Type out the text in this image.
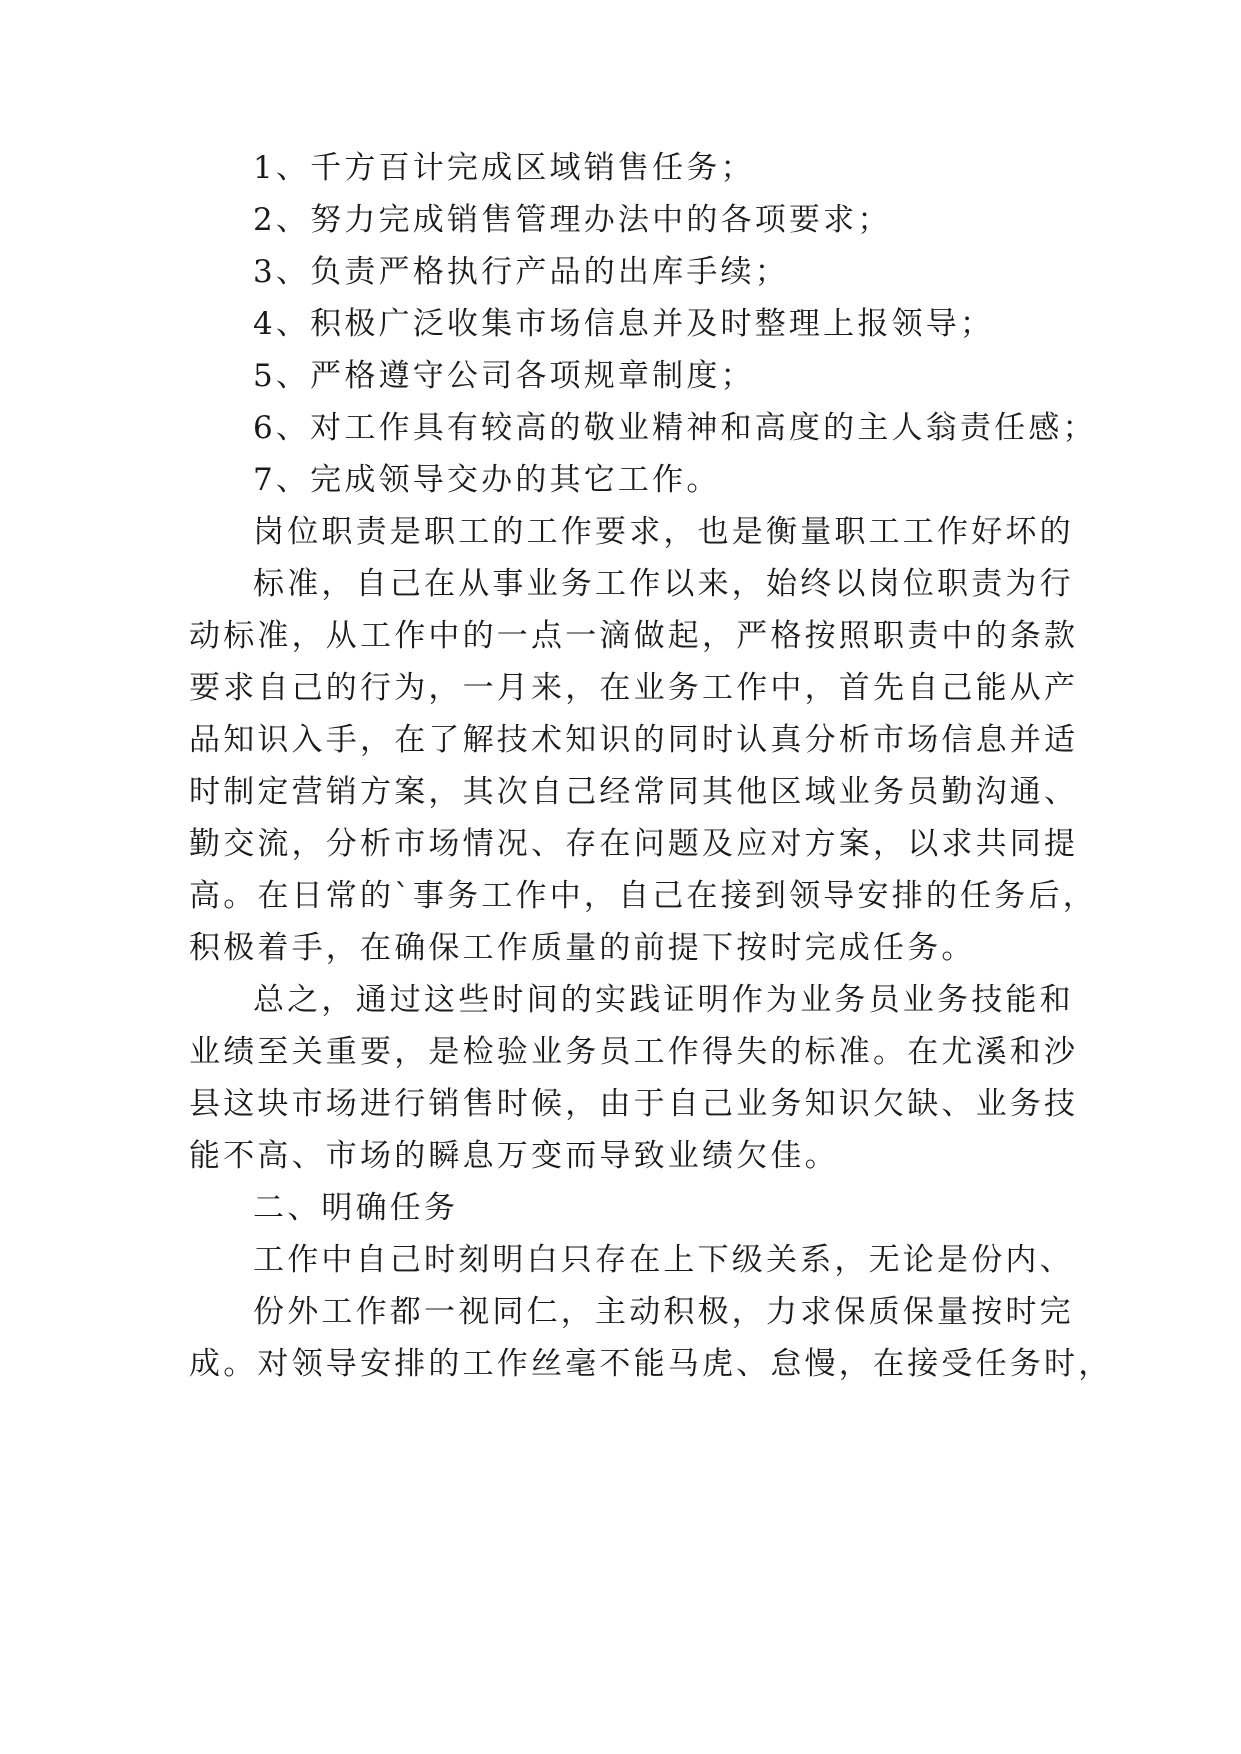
1、千方百计完成区域销售任务；
2、努力完成销售管理办法中的各项要求；
3、负责严格执行产品的出库手续；
4、积极广泛收集市场信息并及时整理上报领导；
5、严格遵守公司各项规章制度；
6、对工作具有较高的敬业精神和高度的主人翁责任感；
7、完成领导交办的其它工作。
岗位职责是职工的工作要求，也是衡量职工工作好坏的
标准，自己在从事业务工作以来，始终以岗位职责为行
动标准，从工作中的一点一滴做起，严格按照职责中的条款
要求自己的行为，一月来，在业务工作中，首先自己能从产
品知识入手，在了解技术知识的同时认真分析市场信息并适
时制定营销方案，其次自己经常同其他区域业务员勤沟通、
勤交流，分析市场情况、存在问题及应对方案，以求共同提
高。在日常的`事务工作中，自己在接到领导安排的任务后，
积极着手，在确保工作质量的前提下按时完成任务。
总之，通过这些时间的实践证明作为业务员业务技能和
业绩至关重要，是检验业务员工作得失的标准。在尤溪和沙
县这块市场进行销售时候，由于自己业务知识欠缺、业务技
能不高、市场的瞬息万变而导致业绩欠佳。
二、明确任务
工作中自己时刻明白只存在上下级关系，无论是份内、
份外工作都一视同仁，主动积极，力求保质保量按时完
成。对领导安排的工作丝毫不能马虎、怠慢，在接受任务时，
